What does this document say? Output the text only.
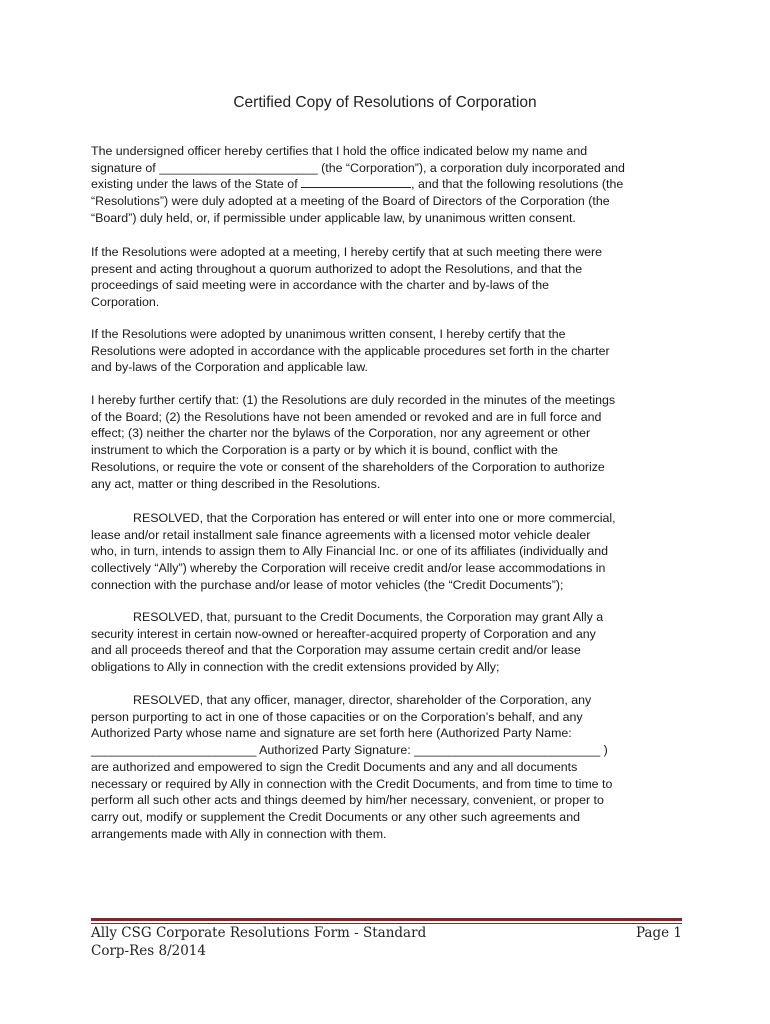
Certified Copy of Resolutions of Corporation

The undersigned officer hereby certifies that I hold the office indicated below my name and

signature of _______________________ (the “Corporation”), a corporation duly incorporated and

existing under the laws of the State of	, and that the following resolutions (the

“Resolutions”) were duly adopted at a meeting of the Board of Directors of the Corporation (the

“Board”) duly held, or, if permissible under applicable law, by unanimous written consent.

If the Resolutions were adopted at a meeting, I hereby certify that at such meeting there were

present and acting throughout a quorum authorized to adopt the Resolutions, and that the

proceedings of said meeting were in accordance with the charter and by-laws of the

Corporation.

If the Resolutions were adopted by unanimous written consent, I hereby certify that the

Resolutions were adopted in accordance with the applicable procedures set forth in the charter

and by-laws of the Corporation and applicable law.

I hereby further certify that: (1) the Resolutions are duly recorded in the minutes of the meetings

of the Board; (2) the Resolutions have not been amended or revoked and are in full force and

effect; (3) neither the charter nor the bylaws of the Corporation, nor any agreement or other

instrument to which the Corporation is a party or by which it is bound, conflict with the

Resolutions, or require the vote or consent of the shareholders of the Corporation to authorize

any act, matter or thing described in the Resolutions.

RESOLVED, that the Corporation has entered or will enter into one or more commercial,

lease and/or retail installment sale finance agreements with a licensed motor vehicle dealer

who, in turn, intends to assign them to Ally Financial Inc. or one of its affiliates (individually and

collectively “Ally”) whereby the Corporation will receive credit and/or lease accommodations in

connection with the purchase and/or lease of motor vehicles (the “Credit Documents”);

RESOLVED, that, pursuant to the Credit Documents, the Corporation may grant Ally a

security interest in certain now-owned or hereafter-acquired property of Corporation and any

and all proceeds thereof and that the Corporation may assume certain credit and/or lease

obligations to Ally in connection with the credit extensions provided by Ally;

RESOLVED, that any officer, manager, director, shareholder of the Corporation, any

person purporting to act in one of those capacities or on the Corporation’s behalf, and any

Authorized Party whose name and signature are set forth here (Authorized Party Name:

________________________ Authorized Party Signature: ___________________________ )

are authorized and empowered to sign the Credit Documents and any and all documents

necessary or required by Ally in connection with the Credit Documents, and from time to time to

perform all such other acts and things deemed by him/her necessary, convenient, or proper to

carry out, modify or supplement the Credit Documents or any other such agreements and

arrangements made with Ally in connection with them.

Page 1
Ally CSG Corporate Resolutions Form - Standard
Corp-Res 8/2014
